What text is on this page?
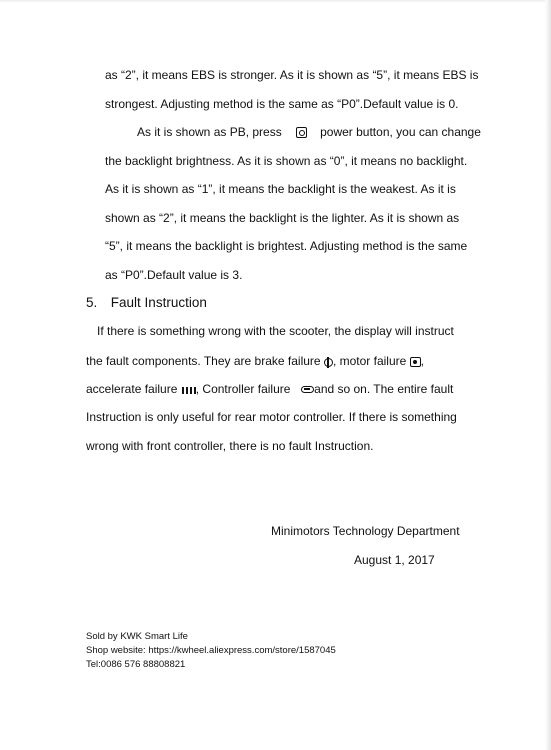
as “2”, it means EBS is stronger. As it is shown as “5”, it means EBS is
strongest. Adjusting method is the same as “P0”.Default value is 0.
As it is shown as PB, press	power button, you can change
the backlight brightness. As it is shown as “0”, it means no backlight.
As it is shown as “1”, it means the backlight is the weakest. As it is
shown as “2”, it means the backlight is the lighter. As it is shown as
“5”, it means the backlight is brightest. Adjusting method is the same
as “P0”.Default value is 3.
5. Fault Instruction
If there is something wrong with the scooter, the display will instruct
the fault components. They are brake failure , motor failure ,
accelerate failure , Controller failure and so on. The entire fault
Instruction is only useful for rear motor controller. If there is something
wrong with front controller, there is no fault Instruction.
Minimotors Technology Department
August 1, 2017
Sold by KWK Smart Life
Shop website: https://kwheel.aliexpress.com/store/1587045
Tel:0086 576 88808821
